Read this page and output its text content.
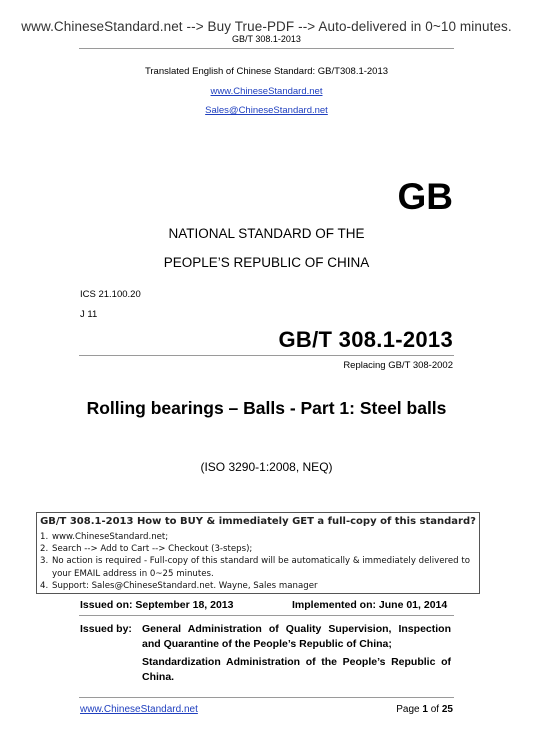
www.ChineseStandard.net --> Buy True-PDF --> Auto-delivered in 0~10 minutes.
GB/T 308.1-2013
Translated English of Chinese Standard: GB/T308.1-2013
www.ChineseStandard.net
Sales@ChineseStandard.net
GB
NATIONAL STANDARD OF THE
PEOPLE’S REPUBLIC OF CHINA
ICS 21.100.20
J 11
GB/T 308.1-2013
Replacing GB/T 308-2002
Rolling bearings – Balls - Part 1: Steel balls
(ISO 3290-1:2008, NEQ)
GB/T 308.1-2013 How to BUY & immediately GET a full-copy of this standard?
1. www.ChineseStandard.net;
2. Search --> Add to Cart --> Checkout (3-steps);
3. No action is required - Full-copy of this standard will be automatically & immediately delivered to
your EMAIL address in 0~25 minutes.
4. Support: Sales@ChineseStandard.net. Wayne, Sales manager
Issued on: September 18, 2013	Implemented on: June 01, 2014
Issued by: General Administration of Quality Supervision, Inspection and Quarantine of the People’s Republic of China;
Standardization Administration of the People’s Republic of China.
www.ChineseStandard.net	Page 1 of 25
